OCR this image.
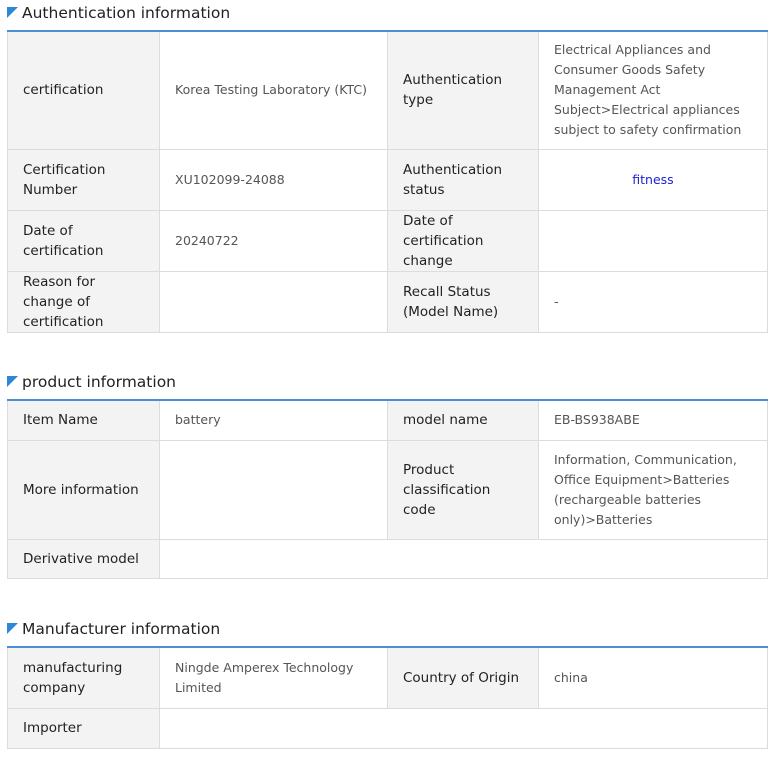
Authentication information
certification	Korea Testing Laboratory (KTC)	Authentication type	Electrical Appliances and Consumer Goods Safety Management Act Subject>Electrical appliances subject to safety confirmation
Certification Number	XU102099-24088	Authentication status	fitness
Date of certification	20240722	Date of certification change	
Reason for change of certification		Recall Status (Model Name)	-
product information
Item Name	battery	model name	EB-BS938ABE
More information		Product classification code	Information, Communication, Office Equipment>Batteries (rechargeable batteries only)>Batteries
Derivative model			
Manufacturer information
manufacturing company	Ningde Amperex Technology Limited	Country of Origin	china
Importer			
